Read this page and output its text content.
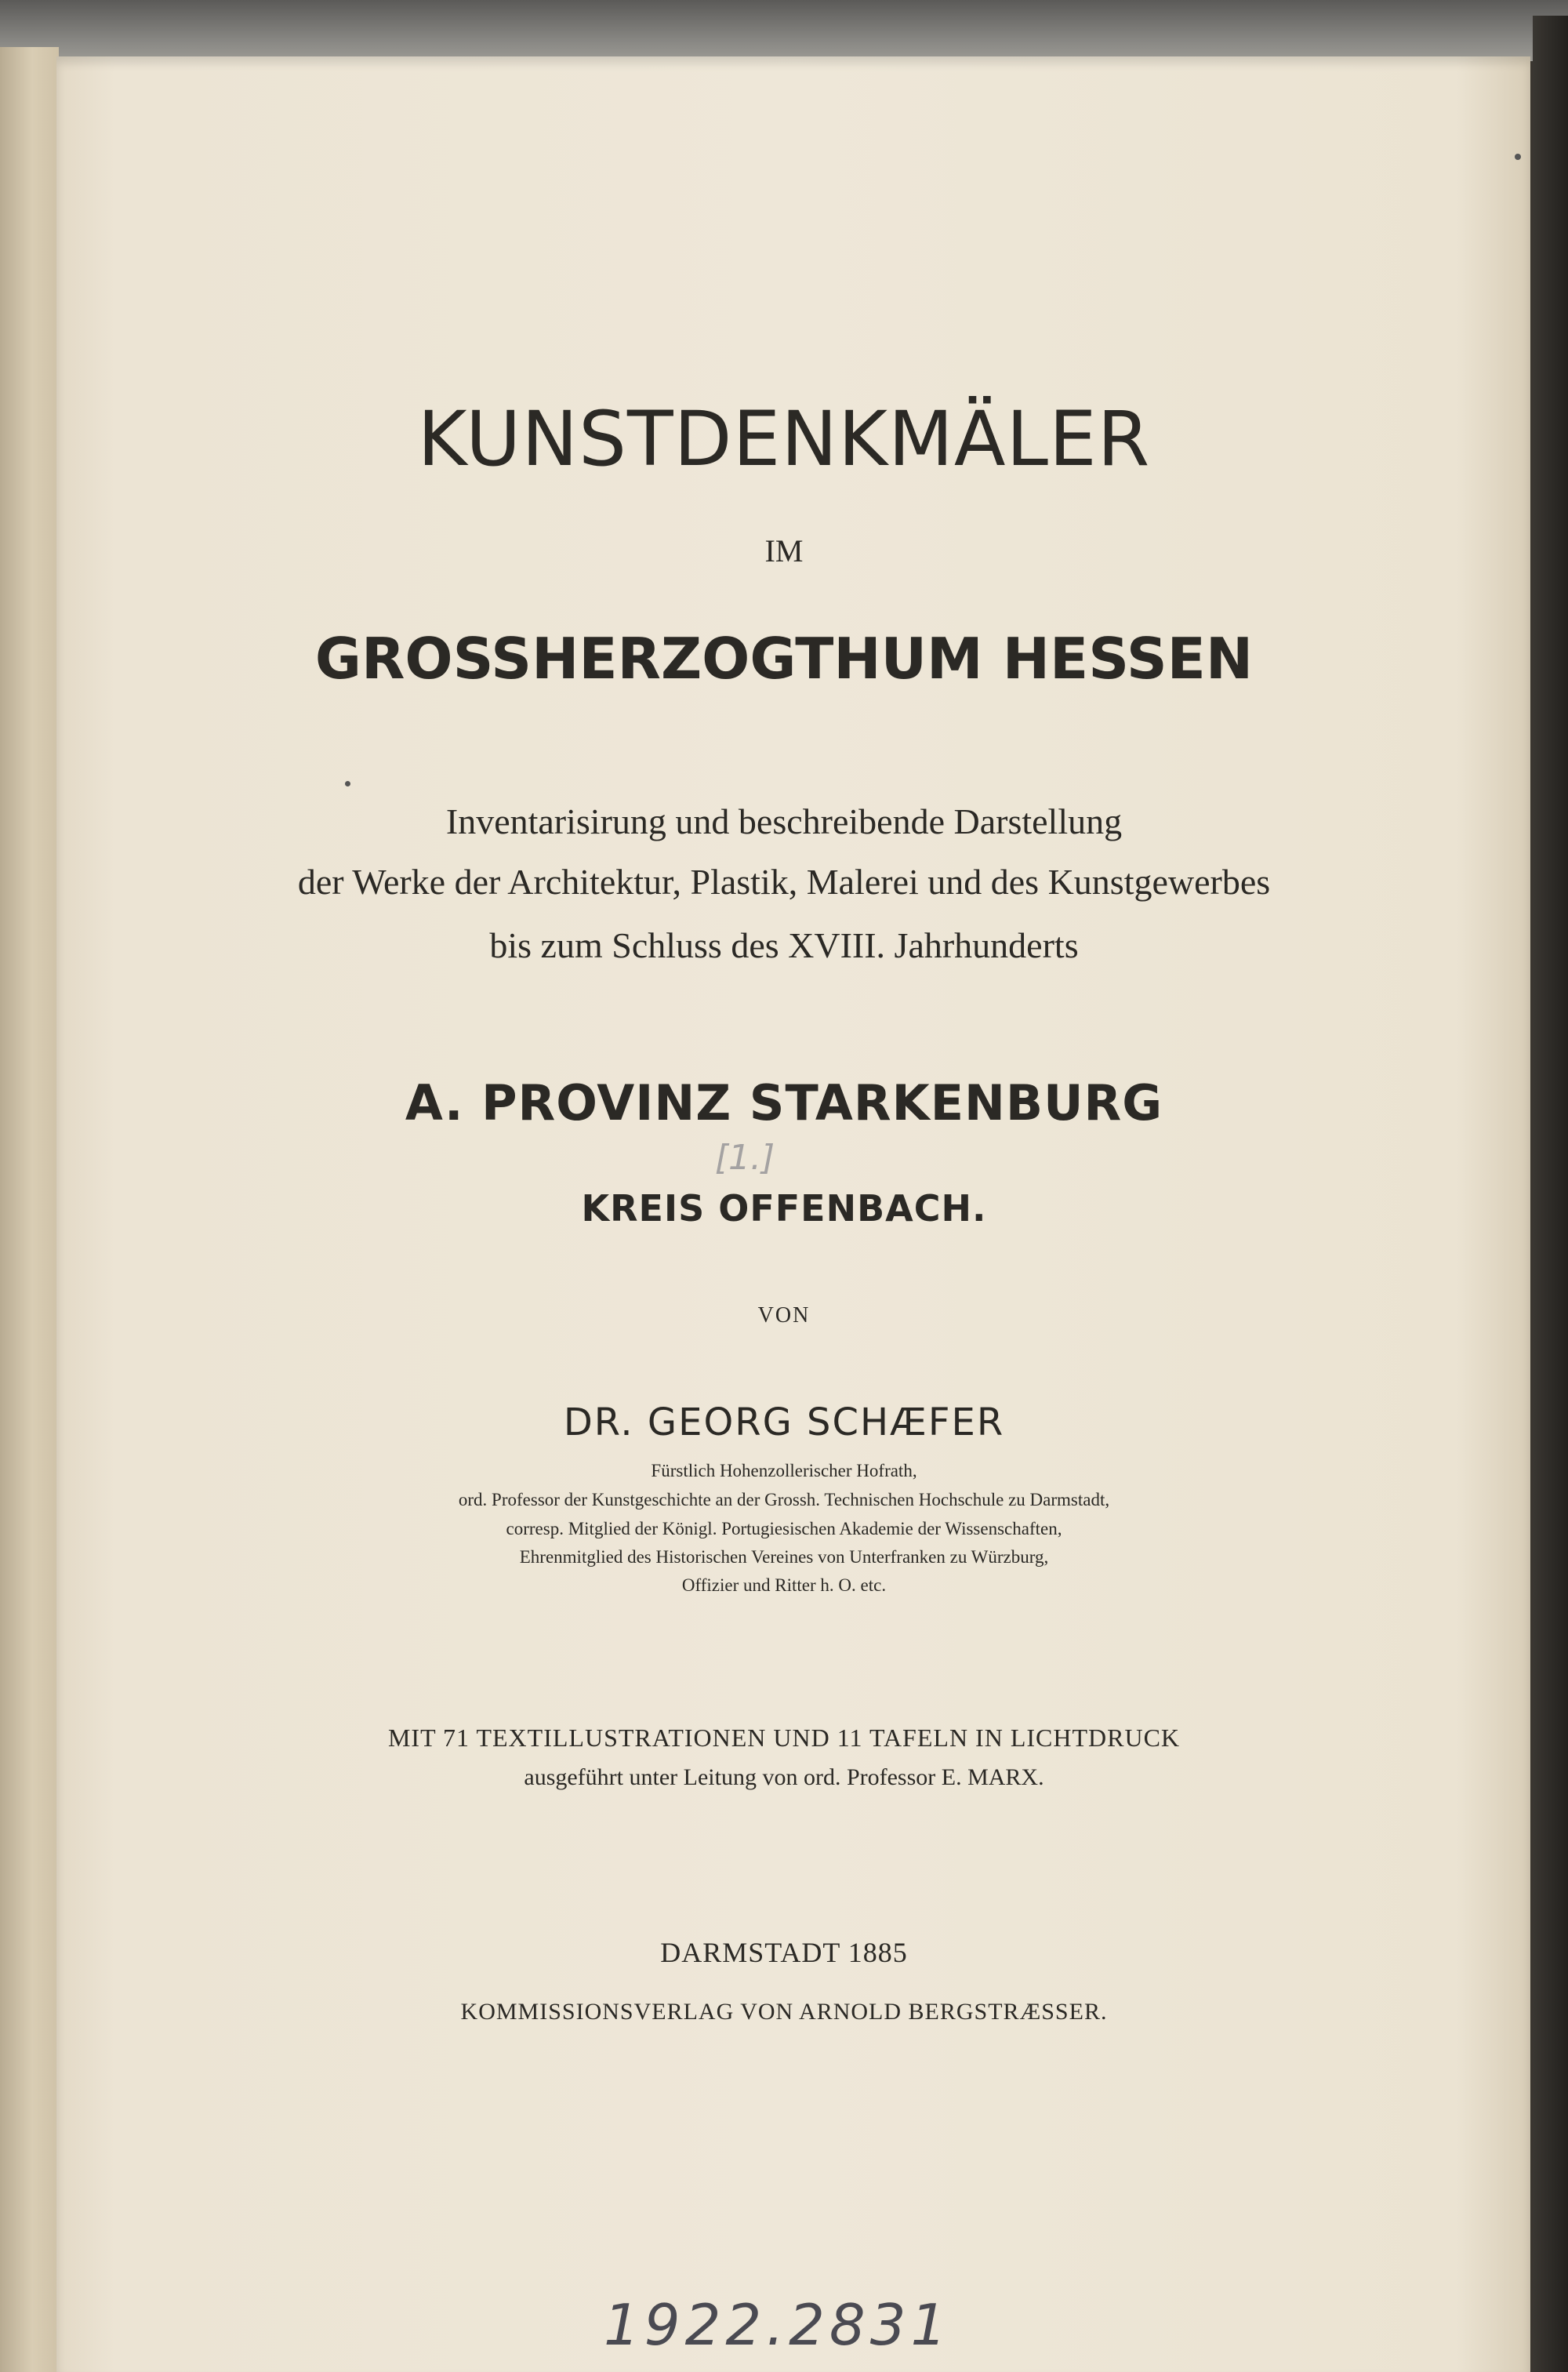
KUNSTDENKMÄLER

IM

GROSSHERZOGTHUM HESSEN

Inventarisirung und beschreibende Darstellung

der Werke der Architektur, Plastik, Malerei und des Kunstgewerbes

bis zum Schluss des XVIII. Jahrhunderts

A. PROVINZ STARKENBURG
[1.]
KREIS OFFENBACH.

VON

DR. GEORG SCHÆFER

Fürstlich Hohenzollerischer Hofrath,

ord. Professor der Kunstgeschichte an der Grossh. Technischen Hochschule zu Darmstadt,

corresp. Mitglied der Königl. Portugiesischen Akademie der Wissenschaften,

Ehrenmitglied des Historischen Vereines von Unterfranken zu Würzburg,

Offizier und Ritter h. O. etc.

MIT 71 TEXTILLUSTRATIONEN UND 11 TAFELN IN LICHTDRUCK

ausgeführt unter Leitung von ord. Professor E. MARX.

DARMSTADT 1885

KOMMISSIONSVERLAG VON ARNOLD BERGSTRÆSSER.

1922.2831
